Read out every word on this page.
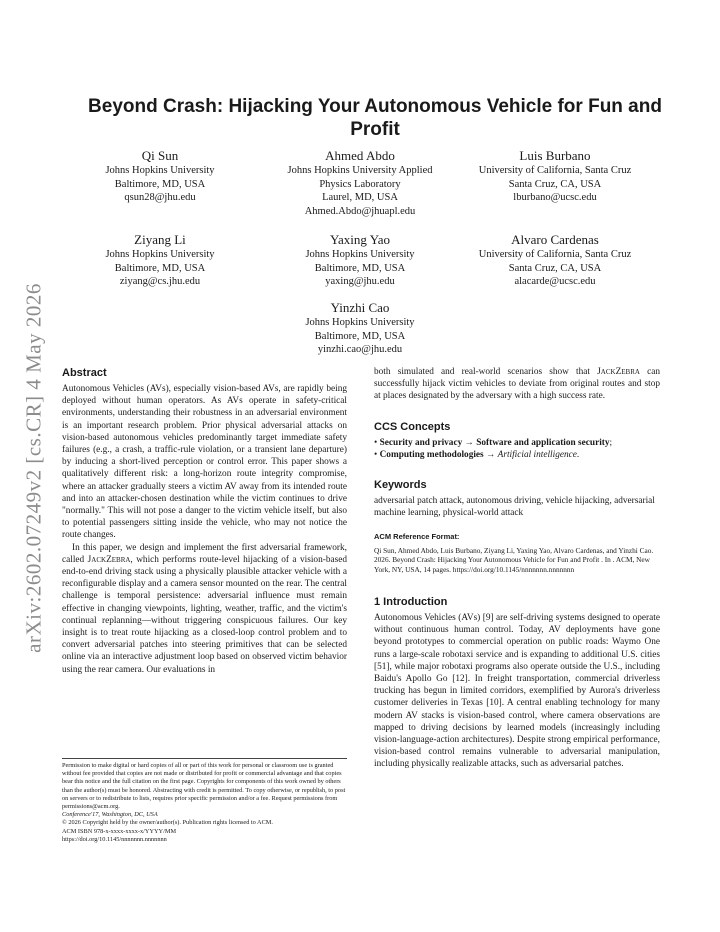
arXiv:2602.07249v2 [cs.CR] 4 May 2026
Beyond Crash: Hijacking Your Autonomous Vehicle for Fun and Profit
Qi Sun
Johns Hopkins University
Baltimore, MD, USA
qsun28@jhu.edu
Ahmed Abdo
Johns Hopkins University Applied
Physics Laboratory
Laurel, MD, USA
Ahmed.Abdo@jhuapl.edu
Luis Burbano
University of California, Santa Cruz
Santa Cruz, CA, USA
lburbano@ucsc.edu
Ziyang Li
Johns Hopkins University
Baltimore, MD, USA
ziyang@cs.jhu.edu
Yaxing Yao
Johns Hopkins University
Baltimore, MD, USA
yaxing@jhu.edu
Alvaro Cardenas
University of California, Santa Cruz
Santa Cruz, CA, USA
alacarde@ucsc.edu
Yinzhi Cao
Johns Hopkins University
Baltimore, MD, USA
yinzhi.cao@jhu.edu
Abstract

Autonomous Vehicles (AVs), especially vision-based AVs, are rapidly being deployed without human operators. As AVs operate in safety-critical environments, understanding their robustness in an adversarial environment is an important research problem. Prior physical adversarial attacks on vision-based autonomous vehicles predominantly target immediate safety failures (e.g., a crash, a traffic-rule violation, or a transient lane departure) by inducing a short-lived perception or control error. This paper shows a qualitatively different risk: a long-horizon route integrity compromise, where an attacker gradually steers a victim AV away from its intended route and into an attacker-chosen destination while the victim continues to drive "normally." This will not pose a danger to the victim vehicle itself, but also to potential passengers sitting inside the vehicle, who may not notice the route changes.

In this paper, we design and implement the first adversarial framework, called JackZebra, which performs route-level hijacking of a vision-based end-to-end driving stack using a physically plausible attacker vehicle with a reconfigurable display and a camera sensor mounted on the rear. The central challenge is temporal persistence: adversarial influence must remain effective in changing viewpoints, lighting, weather, traffic, and the victim's continual replanning—without triggering conspicuous failures. Our key insight is to treat route hijacking as a closed-loop control problem and to convert adversarial patches into steering primitives that can be selected online via an interactive adjustment loop based on observed victim behavior using the rear camera. Our evaluations in

Permission to make digital or hard copies of all or part of this work for personal or classroom use is granted without fee provided that copies are not made or distributed for profit or commercial advantage and that copies bear this notice and the full citation on the first page. Copyrights for components of this work owned by others than the author(s) must be honored. Abstracting with credit is permitted. To copy otherwise, or republish, to post on servers or to redistribute to lists, requires prior specific permission and/or a fee. Request permissions from permissions@acm.org.

Conference'17, Washington, DC, USA

© 2026 Copyright held by the owner/author(s). Publication rights licensed to ACM.

ACM ISBN 978-x-xxxx-xxxx-x/YYYY/MM

https://doi.org/10.1145/nnnnnnn.nnnnnnn

both simulated and real-world scenarios show that JackZebra can successfully hijack victim vehicles to deviate from original routes and stop at places designated by the adversary with a high success rate.

CCS Concepts
• Security and privacy → Software and application security;
• Computing methodologies → Artificial intelligence.
Keywords

adversarial patch attack, autonomous driving, vehicle hijacking, adversarial machine learning, physical-world attack

ACM Reference Format:

Qi Sun, Ahmed Abdo, Luis Burbano, Ziyang Li, Yaxing Yao, Alvaro Cardenas, and Yinzhi Cao. 2026. Beyond Crash: Hijacking Your Autonomous Vehicle for Fun and Profit . In . ACM, New York, NY, USA, 14 pages. https://doi.org/10.1145/nnnnnnn.nnnnnnn

1 Introduction

Autonomous Vehicles (AVs) [9] are self-driving systems designed to operate without continuous human control. Today, AV deployments have gone beyond prototypes to commercial operation on public roads: Waymo One runs a large-scale robotaxi service and is expanding to additional U.S. cities [51], while major robotaxi programs also operate outside the U.S., including Baidu's Apollo Go [12]. In freight transportation, commercial driverless trucking has begun in limited corridors, exemplified by Aurora's driverless customer deliveries in Texas [10]. A central enabling technology for many modern AV stacks is vision-based control, where camera observations are mapped to driving decisions by learned models (increasingly including vision-language-action architectures). Despite strong empirical performance, vision-based control remains vulnerable to adversarial manipulation, including physically realizable attacks, such as adversarial patches.
